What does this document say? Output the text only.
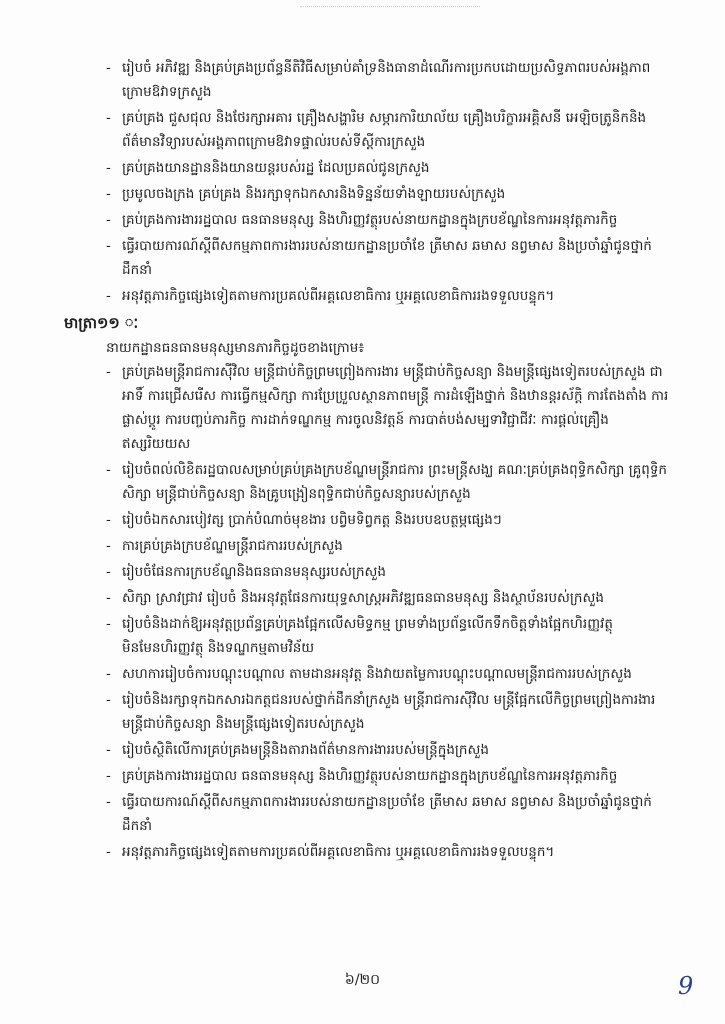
- រៀបចំ អភិវឌ្ឍ និងគ្រប់គ្រងប្រព័ន្ធនីតិវិធីសម្រាប់គាំទ្រនិងធានាដំណើរការប្រកបដោយប្រសិទ្ធភាពរបស់អង្គភាពក្រោមឱវាទក្រសួង
- គ្រប់គ្រង ជួសជុល និងថែរក្សាអគារ គ្រឿងសង្ហារិម សម្ភារការិយាល័យ គ្រឿងបរិក្ខារអគ្គិសនី អេឡិចត្រូនិកនិងព័ត៌មានវិទ្យារបស់អង្គភាពក្រោមឱវាទផ្ទាល់របស់ទីស្តីការក្រសួង
- គ្រប់គ្រងយានដ្ឋាននិងយានយន្តរបស់រដ្ឋ ដែលប្រគល់ជូនក្រសួង
- ប្រមូលចងក្រង គ្រប់គ្រង និងរក្សាទុកឯកសារនិងទិន្នន័យទាំងឡាយរបស់ក្រសួង
- គ្រប់គ្រងការងាររដ្ឋបាល ធនធានមនុស្ស និងហិរញ្ញវត្ថុរបស់នាយកដ្ឋានក្នុងក្របខ័ណ្ឌនៃការអនុវត្តភារកិច្ច
- ធ្វើរបាយការណ៍ស្តីពីសកម្មភាពការងាររបស់នាយកដ្ឋានប្រចាំខែ ត្រីមាស ឆមាស នព្វមាស និងប្រចាំឆ្នាំជូនថ្នាក់ដឹកនាំ
- អនុវត្តភារកិច្ចផ្សេងទៀតតាមការប្រគល់ពីអគ្គលេខាធិការ ឬអគ្គលេខាធិការរងទទួលបន្ទុក។
មាត្រា១១ ៈ

នាយកដ្ឋានធនធានមនុស្សមានភារកិច្ចដូចខាងក្រោម៖

- គ្រប់គ្រងមន្ត្រីរាជការស៊ីវិល មន្ត្រីជាប់កិច្ចព្រមព្រៀងការងារ មន្ត្រីជាប់កិច្ចសន្យា និងមន្ត្រីផ្សេងទៀតរបស់ក្រសួង ជាអាទិ៍ ការជ្រើសរើស ការធ្វើកម្មសិក្សា ការប្រែប្រួលស្ថានភាពមន្ត្រី ការដំឡើងថ្នាក់ និងឋានន្តរស័ក្តិ ការតែងតាំង ការផ្លាស់ប្តូរ ការបញ្ចប់ភារកិច្ច ការដាក់ទណ្ឌកម្ម ការចូលនិវត្តន៍ ការបាត់បង់សម្បទាវិជ្ជាជីវៈ ការផ្តល់គ្រឿងឥស្សរិយយស
- រៀបចំពល់លិខិតរដ្ឋបាលសម្រាប់គ្រប់គ្រងក្របខ័ណ្ឌមន្ត្រីរាជការ ព្រះមន្ត្រីសង្ឃ គណៈគ្រប់គ្រងពុទ្ធិកសិក្សា គ្រូពុទ្ធិកសិក្សា មន្ត្រីជាប់កិច្ចសន្យា និងគ្រូបង្រៀនពុទ្ធិកជាប់កិច្ចសន្យារបស់ក្រសួង
- រៀបចំឯកសារបៀវត្ស ប្រាក់បំណាច់មុខងារ បព្វិមទិព្វកត្ត និងរបបឧបត្ថម្ភផ្សេងៗ
- ការគ្រប់គ្រងក្របខ័ណ្ឌមន្ត្រីរាជការរបស់ក្រសួង
- រៀបចំផែនការក្របខ័ណ្ឌនិងធនធានមនុស្សរបស់ក្រសួង
- សិក្សា ស្រាវជ្រាវ រៀបចំ និងអនុវត្តផែនការយុទ្ធសាស្ត្រអភិវឌ្ឍធនធានមនុស្ស និងស្ថាប័នរបស់ក្រសួង
- រៀបចំនិងដាក់ឱ្យអនុវត្តប្រព័ន្ធគ្រប់គ្រងផ្អែកលើសមិទ្ធកម្ម ព្រមទាំងប្រព័ន្ធលើកទឹកចិត្តទាំងផ្អែកហិរញ្ញវត្ថុ មិនមែនហិរញ្ញវត្ថុ និងទណ្ឌកម្មតាមវិន័យ
- សហការរៀបចំការបណ្តុះបណ្តាល តាមដានអនុវត្ត និងវាយតម្លៃការបណ្តុះបណ្តាលមន្ត្រីរាជការរបស់ក្រសួង
- រៀបចំនិងរក្សាទុកឯកសារឯកត្តជនរបស់ថ្នាក់ដឹកនាំក្រសួង មន្ត្រីរាជការស៊ីវិល មន្ត្រីផ្អែកលើកិច្ចព្រមព្រៀងការងារ មន្ត្រីជាប់កិច្ចសន្យា និងមន្ត្រីផ្សេងទៀតរបស់ក្រសួង
- រៀបចំស្ថិតិលើការគ្រប់គ្រងមន្ត្រីនិងតារាងព័ត៌មានការងាររបស់មន្ត្រីក្នុងក្រសួង
- គ្រប់គ្រងការងាររដ្ឋបាល ធនធានមនុស្ស និងហិរញ្ញវត្ថុរបស់នាយកដ្ឋានក្នុងក្របខ័ណ្ឌនៃការអនុវត្តភារកិច្ច
- ធ្វើរបាយការណ៍ស្តីពីសកម្មភាពការងាររបស់នាយកដ្ឋានប្រចាំខែ ត្រីមាស ឆមាស នព្វមាស និងប្រចាំឆ្នាំជូនថ្នាក់ដឹកនាំ
- អនុវត្តភារកិច្ចផ្សេងទៀតតាមការប្រគល់ពីអគ្គលេខាធិការ ឬអគ្គលេខាធិការរងទទួលបន្ទុក។
៦/២០	9
